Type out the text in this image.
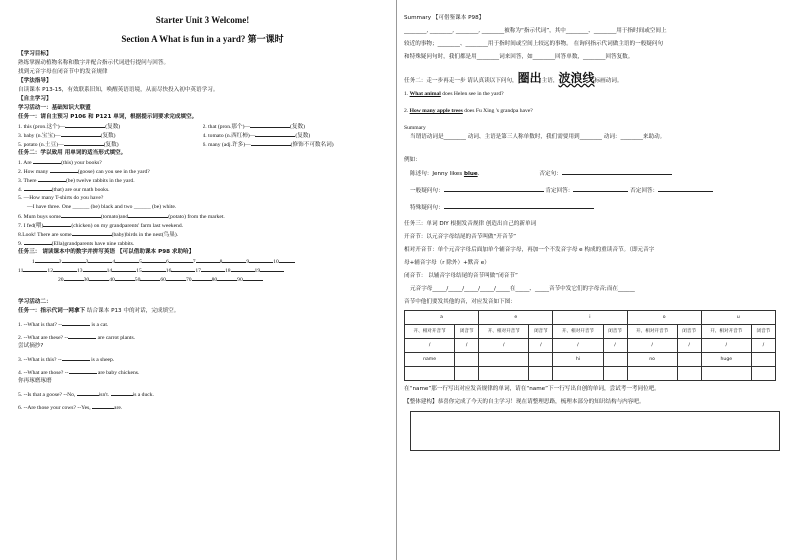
Starter Unit 3 Welcome!
Section A What is fun in a yard? 第一课时
【学习目标】
熟练掌握动植物名称和数字并配合指示代词进行提问与回答。
找到元音字母在闭音节中的发音规律
【学法指导】
自读课本 P13-15，有效联系旧知，唤醒英语语境，从而尽快投入初中英语学习。
【自主学习】
学习活动一：基础知识大联盟
任务一：请自主预习 P106 和 P121 单词，根据提示词要求完成填空。
1. this (pron.这个)—	(复数)	2. that (pron.那个)—	(复数)
3. baby (n.宝宝)—	(复数)	4. tomato (n.西红柿)—	(复数)
5. potato (n.土豆)—	(复数)	6. many (adj.许多)—	(修饰不可数名词)
任务二：学以致用 用单词的适当形式填空。
1. Are	(this) your books?
2. How many	(goose) can you see in the yard?
3. There	(be) twelve rabbits in the yard.
4.	(that) are our math books.
5. —How many T-shirts do you have?
—I have three. One ______ (be) black and two ______ (be) white.
6. Mum buys some	(tomato)and	(potato) from the market.
7. I fed(喂)	(chicken) on my grandparents' farm last weekend.
8.Look! There are some	(baby)birds in the nest(鸟巢).
9.	(Ella)grandparents have nine rabbits.
任务三： 请读课本中的数字并拼写英语 【可以借助课本 P98 求助哈】
1	2	3	4	5	6	7	8	9	10
11	12	13	14	15	16	17	18	19
20	30	40	50	60	70	80	90
学习活动二：
任务一：指示代词一网拿下 结合课本 P13 中的对话，完成填空。
1. --What is that? --	is a cat.
2. --What are these? --	are carrot plants.
尝试摘抄?
3. --What is this? --	is a sheep.
4. --What are those? --	are baby chickens.
你再琢磨琢磨
5. --Is that a goose? --No,	isn't.	is a duck.
6. --Are those your cows? --Yes,	are.
Summary 【可借鉴课本 P98】
________, ________, ________, ________被称为“指示代词”，其中________、________用于指时间或空间上
较近的事物；________、________用于指时间或空间上较远的事物。 在询问指示代词做主语的一般疑问句
和特殊疑问句时，我们都是用________词来回答，如________回答单数，________回答复数。
任务二：走一步再走一步 请认真读以下问句，圈出主语，波浪线标画动词。
1. What animal does Helen see in the yard?
2. How many apple trees does Fu Xing 's grandpa have?
Summary
当谓语动词是________ 动词、主语是第三人称单数时，我们需要用到________ 动词：________来助动。
例如：
陈述句：Jenny likes blue.	否定句：
一般疑问句：	肯定回答：	否定回答：
特殊疑问句：
任务三：单词 DIY 根据发音规律 创造出自己的新单词
开音节：以元音字母结尾的音节叫做“开音节”
相对开音节：单个元音字母后面加单个辅音字母，再加一个不发音字母 e 构成的重读音节。（即元音字
母+辅音字母（r 除外）+默音 e）
闭音节： 以辅音字母结尾的音节叫做“闭音节”
元音字母_____/_____/_____/_____/_____在_____、_____音节中发它们的字母音;而在______
音节中他们要发其他的音，对应发音如下图：
a		e		i		o		u	
开、相对开音节	闭音节	开、相对开音节	闭音节	开、相对开音节	闭音节	开、相对开音节	闭音节	开、相对开音节	闭音节
/	/	/	/	/	/	/	/	/	/
name				hi		no		huge	

在“name”那一行写出对应发音规律的单词，请在“name”下一行写出自创的单词，尝试考一考同位吧。
【整体建构】恭喜你完成了今天的自主学习！现在请整理思路，梳理本部分的知识结构与内容吧。
